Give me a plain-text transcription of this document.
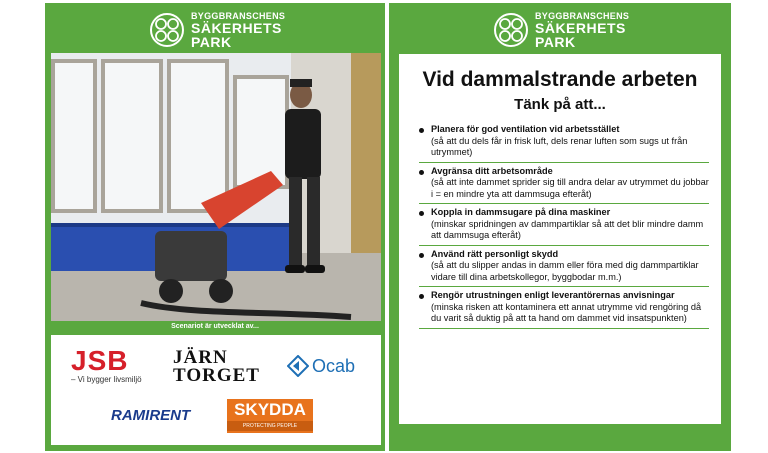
BYGGBRANSCHENS
SÄKERHETS
PARK
Scenariot är utvecklat av...
JSB
– Vi bygger livsmiljö
JÄRN
TORGET	Ocab
RAMIRENT	SKYDDA
PROTECTING PEOPLE
BYGGBRANSCHENS
SÄKERHETS
PARK
Vid dammalstrande arbeten
Tänk på att...
Planera för god ventilation vid arbetsstället
(så att du dels får in frisk luft, dels renar luften som sugs ut från utrymmet)
Avgränsa ditt arbetsområde
(så att inte dammet sprider sig till andra delar av utrymmet du jobbar i = en mindre yta att dammsuga efteråt)
Koppla in dammsugare på dina maskiner
(minskar spridningen av dammpartiklar så att det blir mindre damm att dammsuga efteråt)
Använd rätt personligt skydd
(så att du slipper andas in damm eller föra med dig dammpartiklar vidare till dina arbetskollegor, byggbodar m.m.)
Rengör utrustningen enligt leverantörernas anvisningar
(minska risken att kontaminera ett annat utrymme vid rengöring då du varit så duktig på att ta hand om dammet vid insatspunkten)
